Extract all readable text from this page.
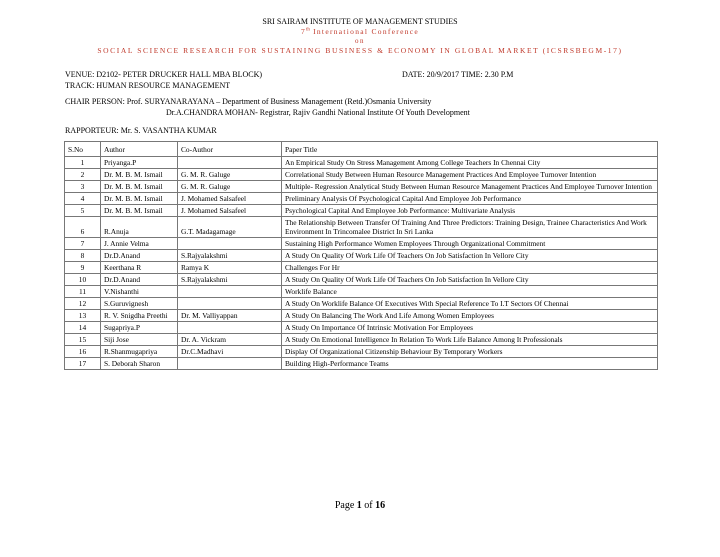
SRI SAIRAM INSTITUTE OF MANAGEMENT STUDIES
7th International Conference
on
SOCIAL SCIENCE RESEARCH FOR SUSTAINING BUSINESS & ECONOMY IN GLOBAL MARKET (ICSRSBEGM-17)
VENUE: D2102- PETER DRUCKER HALL MBA BLOCK)	DATE: 20/9/2017 TIME: 2.30 P.M
TRACK: HUMAN RESOURCE MANAGEMENT
CHAIR PERSON: Prof. SURYANARAYANA – Department of Business Management (Retd.)Osmania University
Dr.A.CHANDRA MOHAN- Registrar, Rajiv Gandhi National Institute Of Youth Development
RAPPORTEUR: Mr. S. VASANTHA KUMAR
S.No	Author	Co-Author	Paper Title
1	Priyanga.P		An Empirical Study On Stress Management Among College Teachers In Chennai City
2	Dr. M. B. M. Ismail	G. M. R. Galuge	Correlational Study Between Human Resource Management Practices And Employee Turnover Intention
3	Dr. M. B. M. Ismail	G. M. R. Galuge	Multiple- Regression Analytical Study Between Human Resource Management Practices And Employee Turnover Intention
4	Dr. M. B. M. Ismail	J. Mohamed Salsafeel	Preliminary Analysis Of Psychological Capital And Employee Job Performance
5	Dr. M. B. M. Ismail	J. Mohamed Salsafeel	Psychological Capital And Employee Job Performance: Multivariate Analysis
6	R.Anuja	G.T. Madagamage	The Relationship Between Transfer Of Training And Three Predictors: Training Design, Trainee Characteristics And Work Environment In Trincomalee District In Sri Lanka
7	J. Annie Velma		Sustaining High Performance Women Employees Through Organizational Commitment
8	Dr.D.Anand	S.Rajyalakshmi	A Study On Quality Of Work Life Of Teachers On Job Satisfaction In Vellore City
9	Keerthana R	Ramya K	Challenges For Hr
10	Dr.D.Anand	S.Rajyalakshmi	A Study On Quality Of Work Life Of Teachers On Job Satisfaction In Vellore City
11	V.Nishanthi		Worklife Balance
12	S.Guruvignesh		A Study On Worklife Balance Of Executives With Special Reference To I.T Sectors Of Chennai
13	R. V. Snigdha Preethi	Dr. M. Valliyappan	A Study On Balancing The Work And Life Among Women Employees
14	Sugapriya.P		A Study On Importance Of Intrinsic Motivation For Employees
15	Siji Jose	Dr. A. Vickram	A Study On Emotional Intelligence In Relation To Work Life Balance Among It Professionals
16	R.Shanmugapriya	Dr.C.Madhavi	Display Of Organizational Citizenship Behaviour By Temporary Workers
17	S. Deborah Sharon		Building High-Performance Teams
Page 1 of 16
